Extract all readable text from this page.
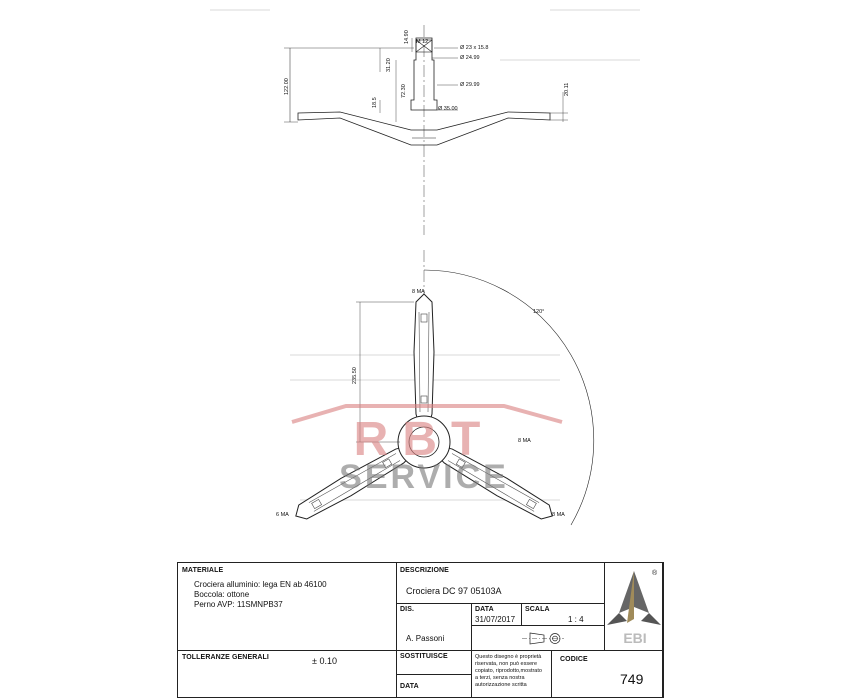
14.90 M 12
31.20
Ø 23 x 15.8
Ø 24.99
122.00	72.30	Ø 29.99
18.5
Ø 35.00
20.11
8 MA
235.50
120°
8 MA
6 MA	8 MA
RBT
SERVICE
MATERIALE
Crociera alluminio: lega EN ab 46100
Boccola: ottone
Perno AVP: 11SMNPB37
DESCRIZIONE
Crociera DC 97 05103A
DIS.
A. Passoni
DATA
31/07/2017
SCALA
1 : 4
®
EBI
TOLLERANZE GENERALI	± 0.10	SOSTITUISCE
DATA
Questo disegno è proprietà
riservata, non può essere
copiato, riprodotto,mostrato
a terzi, senza nostra
autorizzazione scritta
CODICE
749
